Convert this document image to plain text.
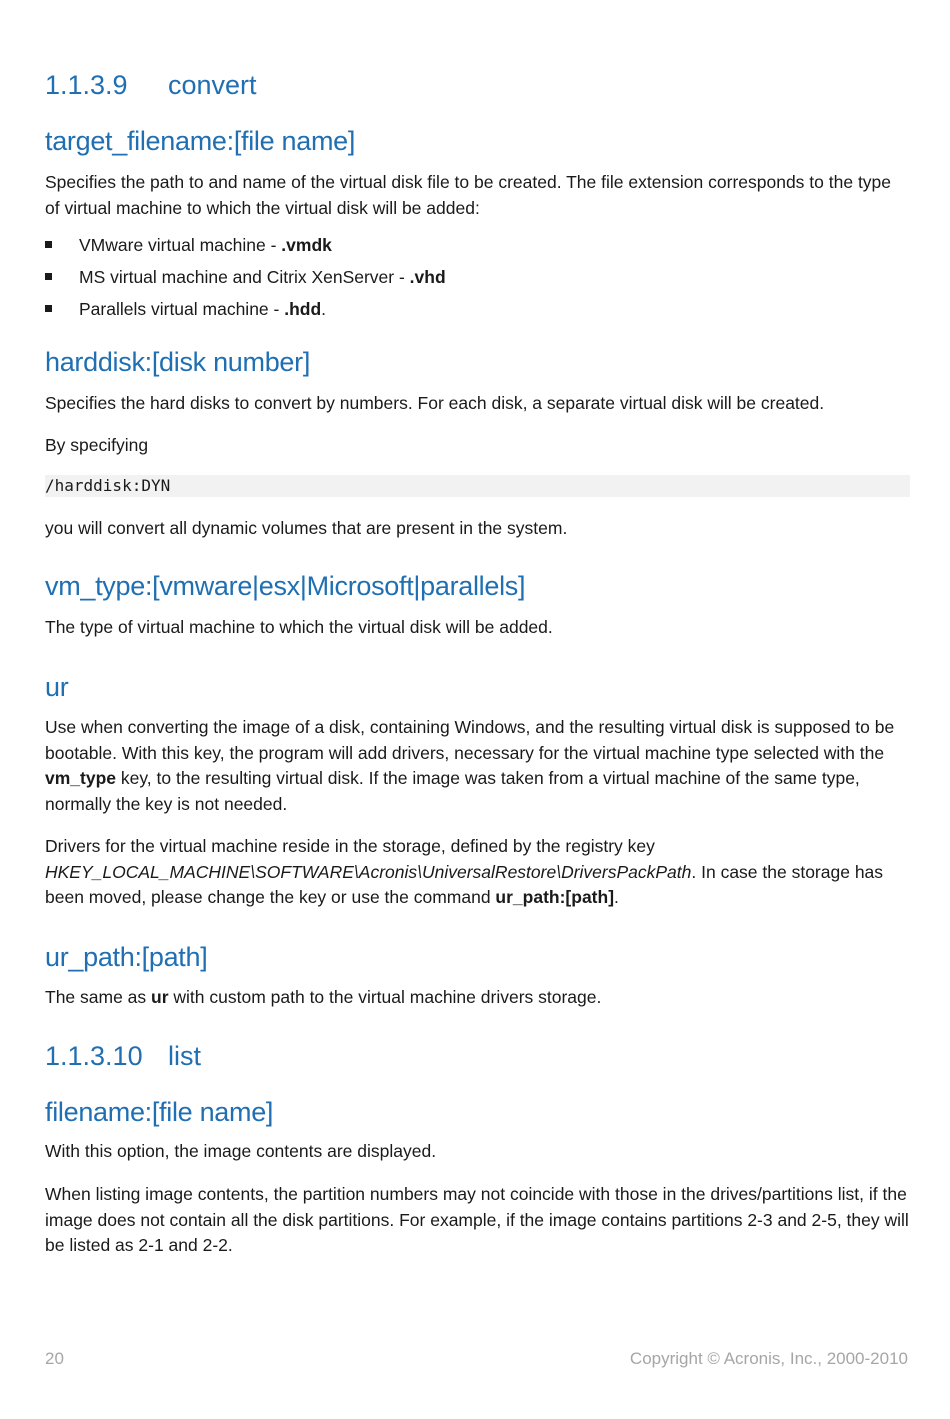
1.1.3.9 convert
target_filename:[file name]

Specifies the path to and name of the virtual disk file to be created. The file extension corresponds to the type of virtual machine to which the virtual disk will be added:

VMware virtual machine - .vmdk
MS virtual machine and Citrix XenServer - .vhd
Parallels virtual machine - .hdd.
harddisk:[disk number]

Specifies the hard disks to convert by numbers. For each disk, a separate virtual disk will be created.

By specifying

/harddisk:DYN

you will convert all dynamic volumes that are present in the system.

vm_type:[vmware|esx|Microsoft|parallels]

The type of virtual machine to which the virtual disk will be added.

ur

Use when converting the image of a disk, containing Windows, and the resulting virtual disk is supposed to be bootable. With this key, the program will add drivers, necessary for the virtual machine type selected with the vm_type key, to the resulting virtual disk. If the image was taken from a virtual machine of the same type, normally the key is not needed.

Drivers for the virtual machine reside in the storage, defined by the registry key HKEY_LOCAL_MACHINE\SOFTWARE\Acronis\UniversalRestore\DriversPackPath. In case the storage has been moved, please change the key or use the command ur_path:[path].

ur_path:[path]

The same as ur with custom path to the virtual machine drivers storage.

1.1.3.10 list
filename:[file name]

With this option, the image contents are displayed.

When listing image contents, the partition numbers may not coincide with those in the drives/partitions list, if the image does not contain all the disk partitions. For example, if the image contains partitions 2-3 and 2-5, they will be listed as 2-1 and 2-2.

20	Copyright © Acronis, Inc., 2000-2010
